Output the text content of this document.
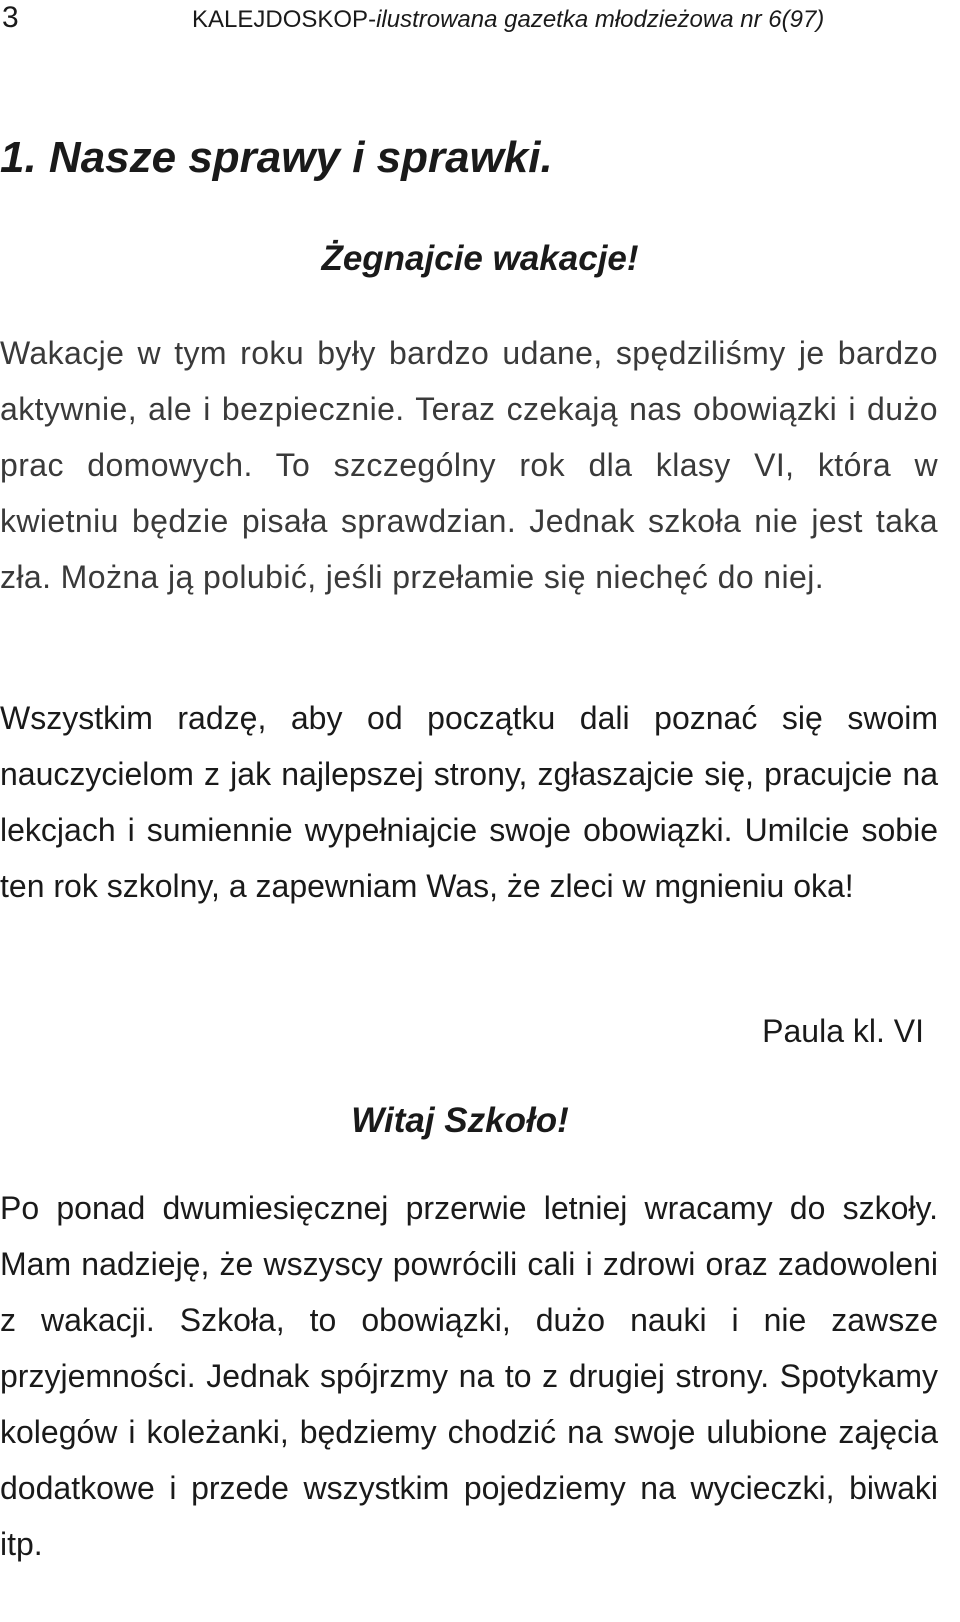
3	KALEJDOSKOP-ilustrowana gazetka młodzieżowa nr 6(97)
1. Nasze sprawy i sprawki.
Żegnajcie wakacje!

Wakacje w tym roku były bardzo udane, spędziliśmy je bardzo aktywnie, ale i bezpiecznie. Teraz czekają nas obowiązki i dużo prac domowych. To szczególny rok dla klasy VI, która w kwietniu będzie pisała sprawdzian. Jednak szkoła nie jest taka zła. Można ją polubić, jeśli przełamie się niechęć do niej.

Wszystkim radzę, aby od początku dali poznać się swoim nauczycielom z jak najlepszej strony, zgłaszajcie się, pracujcie na lekcjach i sumiennie wypełniajcie swoje obowiązki. Umilcie sobie ten rok szkolny, a zapewniam Was, że zleci w mgnieniu oka!

Paula kl. VI
Witaj Szkoło!

Po ponad dwumiesięcznej przerwie letniej wracamy do szkoły. Mam nadzieję, że wszyscy powrócili cali i zdrowi oraz zadowoleni z wakacji. Szkoła, to obowiązki, dużo nauki i nie zawsze przyjemności. Jednak spójrzmy na to z drugiej strony. Spotykamy kolegów i koleżanki, będziemy chodzić na swoje ulubione zajęcia dodatkowe i przede wszystkim pojedziemy na wycieczki, biwaki itp.
